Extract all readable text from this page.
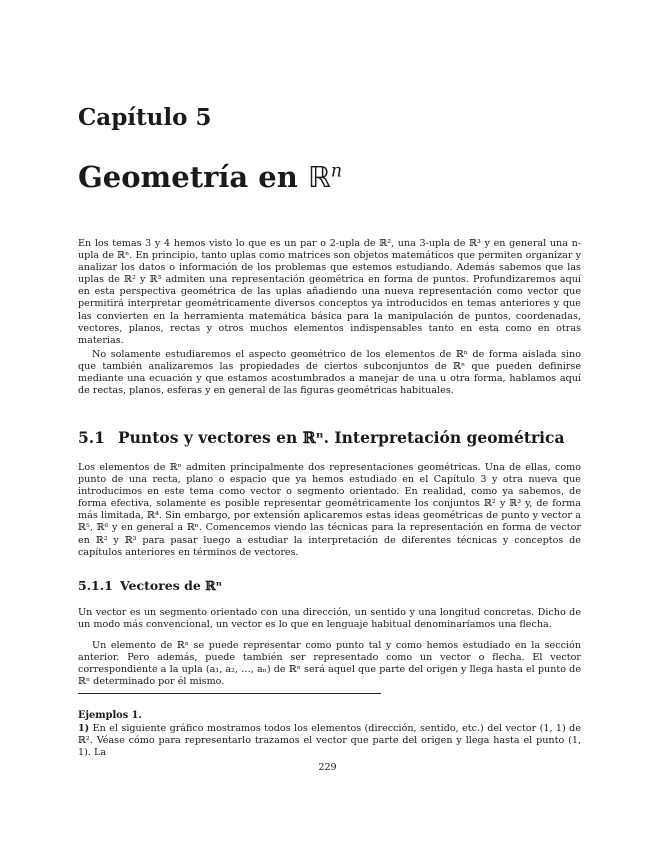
Capítulo 5
Geometría en ℝ$^n$

En los temas 3 y 4 hemos visto lo que es un par o 2-upla de ℝ², una 3-upla de ℝ³ y en general una n-upla de ℝⁿ. En principio, tanto uplas como matrices son objetos matemáticos que permiten organizar y analizar los datos o información de los problemas que estemos estudiando. Además sabemos que las uplas de ℝ² y ℝ³ admiten una representación geométrica en forma de puntos. Profundizaremos aquí en esta perspectiva geométrica de las uplas añadiendo una nueva representación como vector que permitirá interpretar geométricamente diversos conceptos ya introducidos en temas anteriores y que las convierten en la herramienta matemática básica para la manipulación de puntos, coordenadas, vectores, planos, rectas y otros muchos elementos indispensables tanto en esta como en otras materias.

No solamente estudiaremos el aspecto geométrico de los elementos de ℝⁿ de forma aislada sino que también analizaremos las propiedades de ciertos subconjuntos de ℝⁿ que pueden definirse mediante una ecuación y que estamos acostumbrados a manejar de una u otra forma, hablamos aquí de rectas, planos, esferas y en general de las figuras geométricas habituales.

5.1 Puntos y vectores en ℝⁿ. Interpretación geométrica

Los elementos de ℝⁿ admiten principalmente dos representaciones geométricas. Una de ellas, como punto de una recta, plano o espacio que ya hemos estudiado en el Capítulo 3 y otra nueva que introducimos en este tema como vector o segmento orientado. En realidad, como ya sabemos, de forma efectiva, solamente es posible representar geométricamente los conjuntos ℝ² y ℝ³ y, de forma más limitada, ℝ⁴. Sin embargo, por extensión aplicaremos estas ideas geométricas de punto y vector a ℝ⁵, ℝ⁶ y en general a ℝⁿ. Comencemos viendo las técnicas para la representación en forma de vector en ℝ² y ℝ³ para pasar luego a estudiar la interpretación de diferentes técnicas y conceptos de capítulos anteriores en términos de vectores.

5.1.1 Vectores de ℝⁿ

Un vector es un segmento orientado con una dirección, un sentido y una longitud concretas. Dicho de un modo más convencional, un vector es lo que en lenguaje habitual denominaríamos una flecha.

Un elemento de ℝⁿ se puede representar como punto tal y como hemos estudiado en la sección anterior. Pero además, puede también ser representado como un vector o flecha. El vector correspondiente a la upla (a₁, a₂, …, aₙ) de ℝⁿ será aquel que parte del origen y llega hasta el punto de ℝⁿ determinado por él mismo.

Ejemplos 1.

1) En el siguiente gráfico mostramos todos los elementos (dirección, sentido, etc.) del vector (1, 1) de ℝ². Véase cómo para representarlo trazamos el vector que parte del origen y llega hasta el punto (1, 1). La

229
